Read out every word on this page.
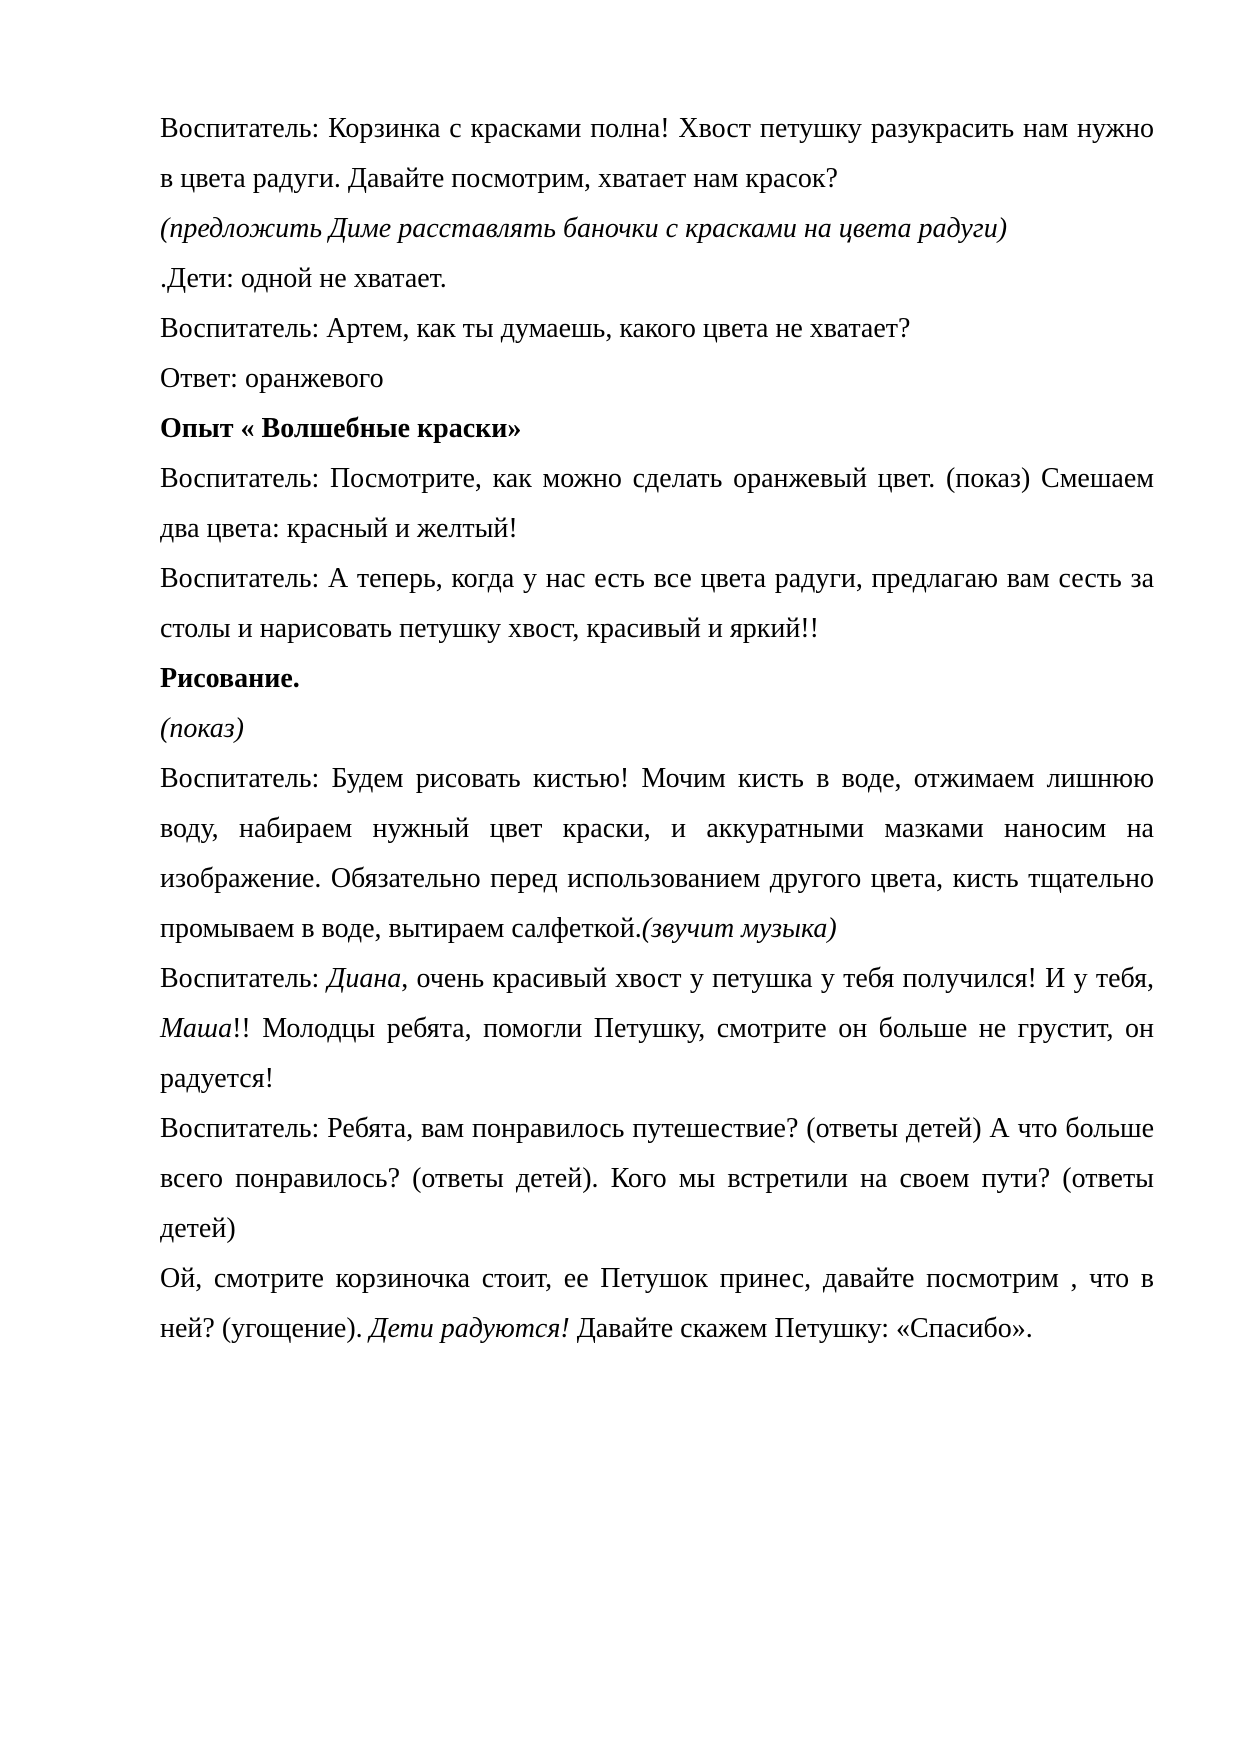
Воспитатель: Корзинка с красками полна! Хвост петушку разукрасить нам нужно в цвета радуги. Давайте посмотрим, хватает нам красок?

(предложить Диме расставлять баночки с красками на цвета радуги)

.Дети: одной не хватает.

Воспитатель: Артем, как ты думаешь, какого цвета не хватает?

Ответ: оранжевого

Опыт « Волшебные краски»

Воспитатель: Посмотрите, как можно сделать оранжевый цвет. (показ) Смешаем два цвета: красный и желтый!

Воспитатель: А теперь, когда у нас есть все цвета радуги, предлагаю вам сесть за столы и нарисовать петушку хвост, красивый и яркий!!

Рисование.

(показ)

Воспитатель: Будем рисовать кистью! Мочим кисть в воде, отжимаем лишнюю воду, набираем нужный цвет краски, и аккуратными мазками наносим на изображение. Обязательно перед использованием другого цвета, кисть тщательно промываем в воде, вытираем салфеткой.(звучит музыка)

Воспитатель: Диана, очень красивый хвост у петушка у тебя получился! И у тебя, Маша!! Молодцы ребята, помогли Петушку, смотрите он больше не грустит, он радуется!

Воспитатель: Ребята, вам понравилось путешествие? (ответы детей) А что больше всего понравилось? (ответы детей). Кого мы встретили на своем пути? (ответы детей)

Ой, смотрите корзиночка стоит, ее Петушок принес, давайте посмотрим , что в ней? (угощение). Дети радуются! Давайте скажем Петушку: «Спасибо».
